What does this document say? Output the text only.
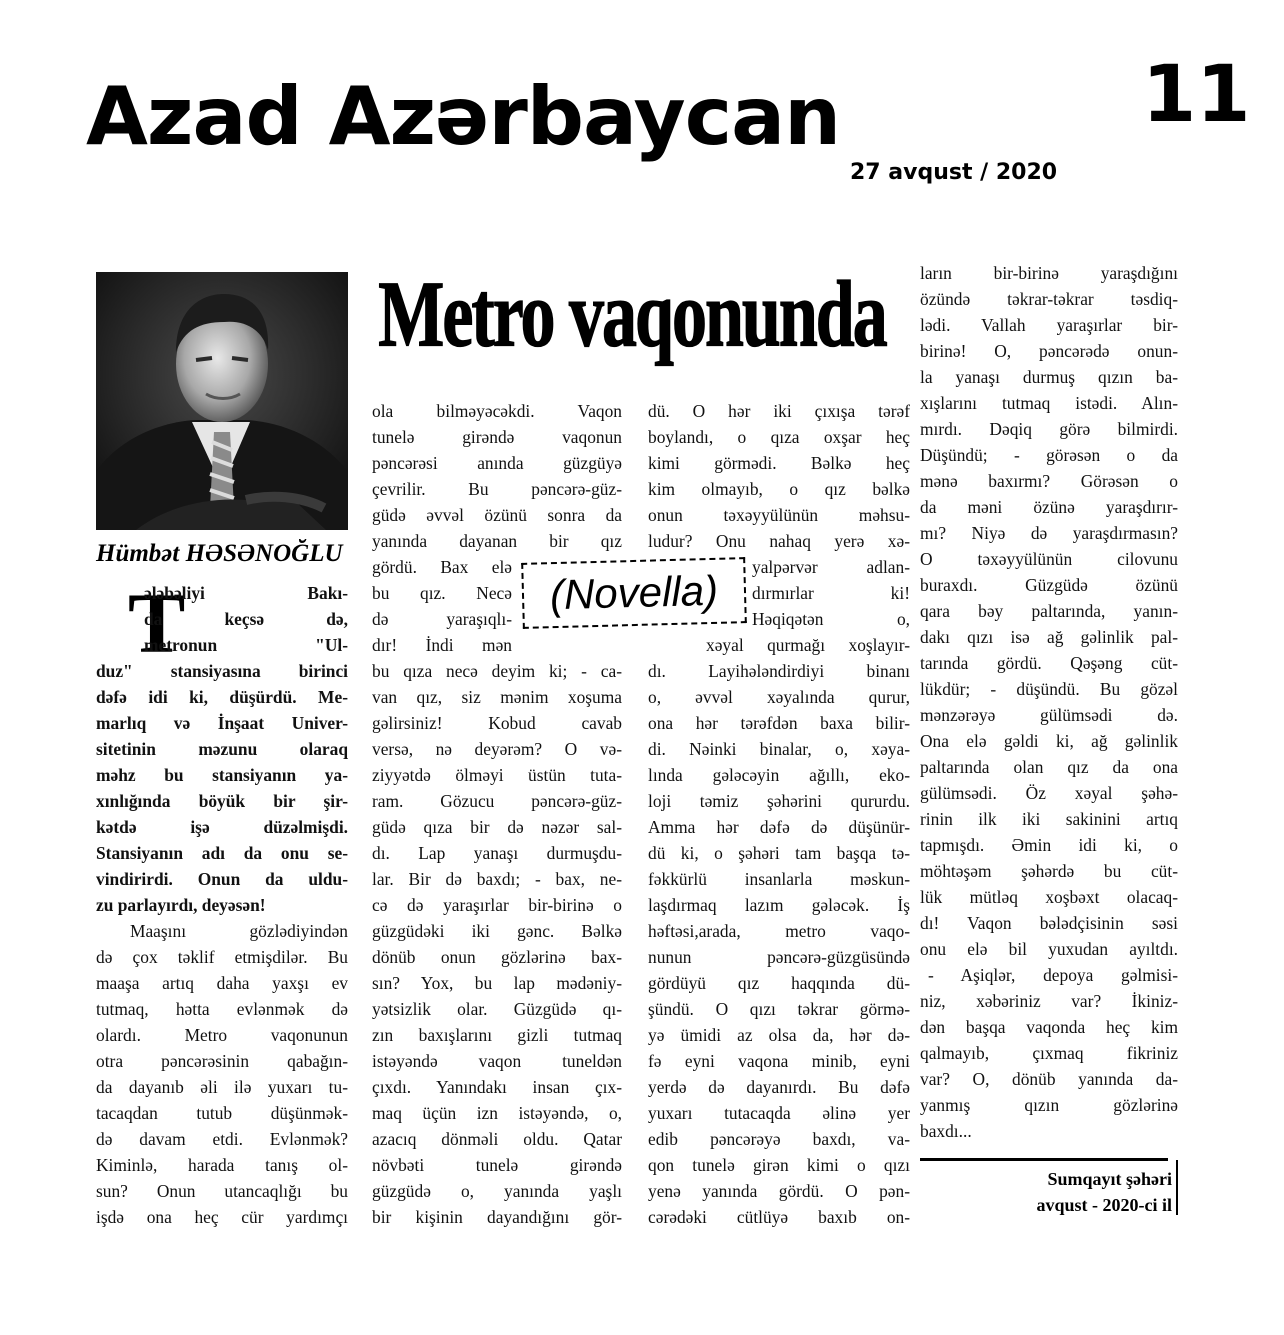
Azad Azərbaycan	11
27 avqust / 2020
Hümbət HƏSƏNOĞLU
Metro vaqonunda
T
ələbəliyi Bakı-
da keçsə də,
metronun "Ul-
duz" stansiyasına birinci
dəfə idi ki, düşürdü. Me-
marlıq və İnşaat Univer-
sitetinin məzunu olaraq
məhz bu stansiyanın ya-
xınlığında böyük bir şir-
kətdə işə düzəlmişdi.
Stansiyanın adı da onu se-
vindirirdi. Onun da uldu-
zu parlayırdı, deyəsən!
Maaşını gözlədiyindən
də çox təklif etmişdilər. Bu
maaşa artıq daha yaxşı ev
tutmaq, hətta evlənmək də
olardı. Metro vaqonunun
otra pəncərəsinin qabağın-
da dayanıb əli ilə yuxarı tu-
tacaqdan tutub düşünmək-
də davam etdi. Evlənmək?
Kiminlə, harada tanış ol-
sun? Onun utancaqlığı bu
işdə ona heç cür yardımçı
ola bilməyəcəkdi. Vaqon
tunelə girəndə vaqonun
pəncərəsi anında güzgüyə
çevrilir. Bu pəncərə-güz-
güdə əvvəl özünü sonra da
yanında dayanan bir qız
gördü. Bax elə
bu qız. Necə
də yaraşıqlı-
dır! İndi mən
bu qıza necə deyim ki; - ca-
van qız, siz mənim xoşuma
gəlirsiniz! Kobud cavab
versə, nə deyərəm? O və-
ziyyətdə ölməyi üstün tuta-
ram. Gözucu pəncərə-güz-
güdə qıza bir də nəzər sal-
dı. Lap yanaşı durmuşdu-
lar. Bir də baxdı; - bax, ne-
cə də yaraşırlar bir-birinə o
güzgüdəki iki gənc. Bəlkə
dönüb onun gözlərinə bax-
sın? Yox, bu lap mədəniy-
yətsizlik olar. Güzgüdə qı-
zın baxışlarını gizli tutmaq
istəyəndə vaqon tuneldən
çıxdı. Yanındakı insan çıx-
maq üçün izn istəyəndə, o,
azacıq dönməli oldu. Qatar
növbəti tunelə girəndə
güzgüdə o, yanında yaşlı
bir kişinin dayandığını gör-
dü. O hər iki çıxışa tərəf
boylandı, o qıza oxşar heç
kimi görmədi. Bəlkə heç
kim olmayıb, o qız bəlkə
onun təxəyyülünün məhsu-
ludur? Onu nahaq yerə xə-
yalpərvər adlan-
dırmırlar ki!
Həqiqətən o,
xəyal qurmağı xoşlayır-
dı. Layihələndirdiyi binanı
o, əvvəl xəyalında qurur,
ona hər tərəfdən baxa bilir-
di. Nəinki binalar, o, xəya-
lında gələcəyin ağıllı, eko-
loji təmiz şəhərini qururdu.
Amma hər dəfə də düşünür-
dü ki, o şəhəri tam başqa tə-
fəkkürlü insanlarla məskun-
laşdırmaq lazım gələcək. İş
həftəsi,arada, metro vaqo-
nunun pəncərə-güzgüsündə
gördüyü qız haqqında dü-
şündü. O qızı təkrar görmə-
yə ümidi az olsa da, hər də-
fə eyni vaqona minib, eyni
yerdə də dayanırdı. Bu dəfə
yuxarı tutacaqda əlinə yer
edib pəncərəyə baxdı, va-
qon tunelə girən kimi o qızı
yenə yanında gördü. O pən-
cərədəki cütlüyə baxıb on-
ların bir-birinə yaraşdığını
özündə təkrar-təkrar təsdiq-
lədi. Vallah yaraşırlar bir-
birinə! O, pəncərədə onun-
la yanaşı durmuş qızın ba-
xışlarını tutmaq istədi. Alın-
mırdı. Dəqiq görə bilmirdi.
Düşündü; - görəsən o da
mənə baxırmı? Görəsən o
da məni özünə yaraşdırır-
mı? Niyə də yaraşdırmasın?
O təxəyyülünün cilovunu
buraxdı. Güzgüdə özünü
qara bəy paltarında, yanın-
dakı qızı isə ağ gəlinlik pal-
tarında gördü. Qəşəng cüt-
lükdür; - düşündü. Bu gözəl
mənzərəyə gülümsədi də.
Ona elə gəldi ki, ağ gəlinlik
paltarında olan qız da ona
gülümsədi. Öz xəyal şəhə-
rinin ilk iki sakinini artıq
tapmışdı. Əmin idi ki, o
möhtəşəm şəhərdə bu cüt-
lük mütləq xoşbəxt olacaq-
dı! Vaqon bələdçisinin səsi
onu elə bil yuxudan ayıltdı.
- Aşiqlər, depoya gəlmisi-
niz, xəbəriniz var? İkiniz-
dən başqa vaqonda heç kim
qalmayıb, çıxmaq fikriniz
var? O, dönüb yanında da-
yanmış qızın gözlərinə
baxdı...
(Novella)
Sumqayıt şəhəri
avqust - 2020-ci il
